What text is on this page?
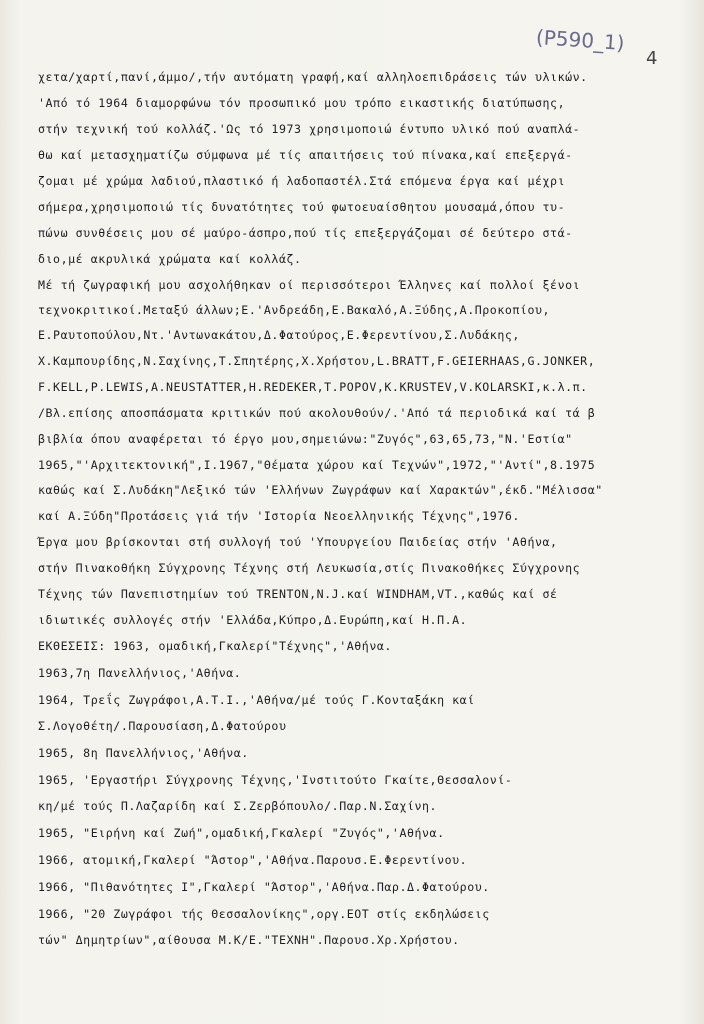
(P590_1)
4
χετα/χαρτί,πανί,άμμο/,τήν αυτόματη γραφή,καί αλληλοεπιδράσεις τών υλικών.
'Από τό 1964 διαμορφώνω τόν προσωπικό μου τρόπο εικαστικής διατύπωσης,
στήν τεχνική τού κολλάζ.'Ως τό 1973 χρησιμοποιώ έντυπο υλικό πού αναπλά-
θω καί μετασχηματίζω σύμφωνα μέ τίς απαιτήσεις τού πίνακα,καί επεξεργά-
ζομαι μέ χρώμα λαδιού,πλαστικό ή λαδοπαστέλ.Στά επόμενα έργα καί μέχρι
σήμερα,χρησιμοποιώ τίς δυνατότητες τού φωτοευαίσθητου μουσαμά,όπου τυ-
πώνω συνθέσεις μου σέ μαύρο-άσπρο,πού τίς επεξεργάζομαι σέ δεύτερο στά-
διο,μέ ακρυλικά χρώματα καί κολλάζ.
Μέ τή ζωγραφική μου ασχολήθηκαν οί περισσότεροι Έλληνες καί πολλοί ξένοι
τεχνοκριτικοί.Μεταξύ άλλων;Ε.'Ανδρεάδη,Ε.Βακαλό,Α.Ξύδης,Α.Προκοπίου,
Ε.Ραυτοπούλου,Ντ.'Αντωνακάτου,Δ.Φατούρος,Ε.Φερεντίνου,Σ.Λυδάκης,
Χ.Καμπουρίδης,Ν.Σαχίνης,Τ.Σπητέρης,Χ.Χρήστου,L.BRATT,F.GEIERHAAS,G.JONKER,
F.KELL,P.LEWIS,A.NEUSTATTER,H.REDEKER,T.POPOV,K.KRUSTEV,V.KOLARSKI,κ.λ.π.
/Βλ.επίσης αποσπάσματα κριτικών πού ακολουθούν/.'Από τά περιοδικά καί τά β
βιβλία όπου αναφέρεται τό έργο μου,σημειώνω:"Ζυγός",63,65,73,"Ν.'Εστία"
1965,"'Αρχιτεκτονική",Ι.1967,"Θέματα χώρου καί Τεχνών",1972,"'Αντί",8.1975
καθώς καί Σ.Λυδάκη"Λεξικό τών 'Ελλήνων Ζωγράφων καί Χαρακτών",έκδ."Μέλισσα"
καί Α.Ξύδη"Προτάσεις γιά τήν 'Ιστορία Νεοελληνικής Τέχνης",1976.
Έργα μου βρίσκονται στή συλλογή τού 'Υπουργείου Παιδείας στήν 'Αθήνα,
στήν Πινακοθήκη Σύγχρονης Τέχνης στή Λευκωσία,στίς Πινακοθήκες Σύγχρονης
Τέχνης τών Πανεπιστημίων τού TRENTON,N.J.καί WINDHAM,VT.,καθώς καί σέ
ιδιωτικές συλλογές στήν 'Ελλάδα,Κύπρο,Δ.Ευρώπη,καί Η.Π.Α.
ΕΚΘΕΣΕΙΣ: 1963, ομαδική,Γκαλερί"Τέχνης",'Αθήνα.
1963,7η Πανελλήνιος,'Αθήνα.
1964, Τρεΐς Ζωγράφοι,Α.Τ.Ι.,'Αθήνα/μέ τούς Γ.Κονταξάκη καί
Σ.Λογοθέτη/.Παρουσίαση,Δ.Φατούρου
1965, 8η Πανελλήνιος,'Αθήνα.
1965, 'Εργαστήρι Σύγχρονης Τέχνης,'Ινστιτούτο Γκαίτε,Θεσσαλονί-
κη/μέ τούς Π.Λαζαρίδη καί Σ.Ζερβόπουλο/.Παρ.Ν.Σαχίνη.
1965, "Ειρήνη καί Ζωή",ομαδική,Γκαλερί "Ζυγός",'Αθήνα.
1966, ατομική,Γκαλερί "Άστορ",'Αθήνα.Παρουσ.Ε.Φερεντίνου.
1966, "Πιθανότητες I",Γκαλερί "Άστορ",'Αθήνα.Παρ.Δ.Φατούρου.
1966, "20 Ζωγράφοι τής Θεσσαλονίκης",οργ.ΕΟΤ στίς εκδηλώσεις
τών" Δημητρίων",αίθουσα Μ.Κ/Ε."ΤΕΧΝΗ".Παρουσ.Χρ.Χρήστου.
